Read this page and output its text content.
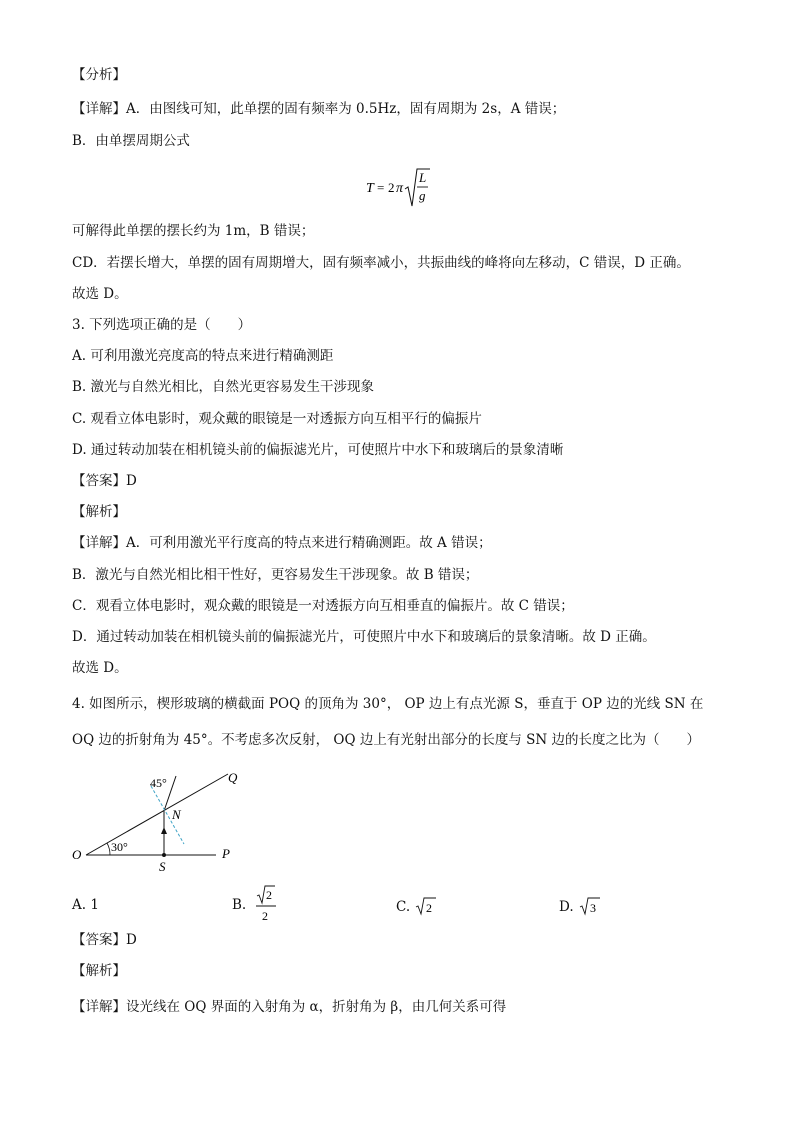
【分析】
【详解】A．由图线可知，此单摆的固有频率为 0.5Hz，固有周期为 2s，A 错误；
B．由单摆周期公式
T = 2 π
L
g
可解得此单摆的摆长约为 1m，B 错误；
CD．若摆长增大，单摆的固有周期增大，固有频率减小，共振曲线的峰将向左移动，C 错误，D 正确。
故选 D。
3. 下列选项正确的是（　　）
A. 可利用激光亮度高的特点来进行精确测距
B. 激光与自然光相比，自然光更容易发生干涉现象
C. 观看立体电影时，观众戴的眼镜是一对透振方向互相平行的偏振片
D. 通过转动加装在相机镜头前的偏振滤光片，可使照片中水下和玻璃后的景象清晰
【答案】D
【解析】
【详解】A．可利用激光平行度高的特点来进行精确测距。故 A 错误；
B．激光与自然光相比相干性好，更容易发生干涉现象。故 B 错误；
C．观看立体电影时，观众戴的眼镜是一对透振方向互相垂直的偏振片。故 C 错误；
D．通过转动加装在相机镜头前的偏振滤光片，可使照片中水下和玻璃后的景象清晰。故 D 正确。
故选 D。
4. 如图所示，楔形玻璃的横截面 POQ 的顶角为 30°， OP 边上有点光源 S，垂直于 OP 边的光线 SN 在
OQ 边的折射角为 45°。不考虑多次反射， OQ 边上有光射出部分的长度与 SN 边的长度之比为（　　）
45°
30°
O	P
Q
N
S
A. 1	B.
2
2
C. 2	D. 3
【答案】D
【解析】
【详解】设光线在 OQ 界面的入射角为 α，折射角为 β，由几何关系可得
